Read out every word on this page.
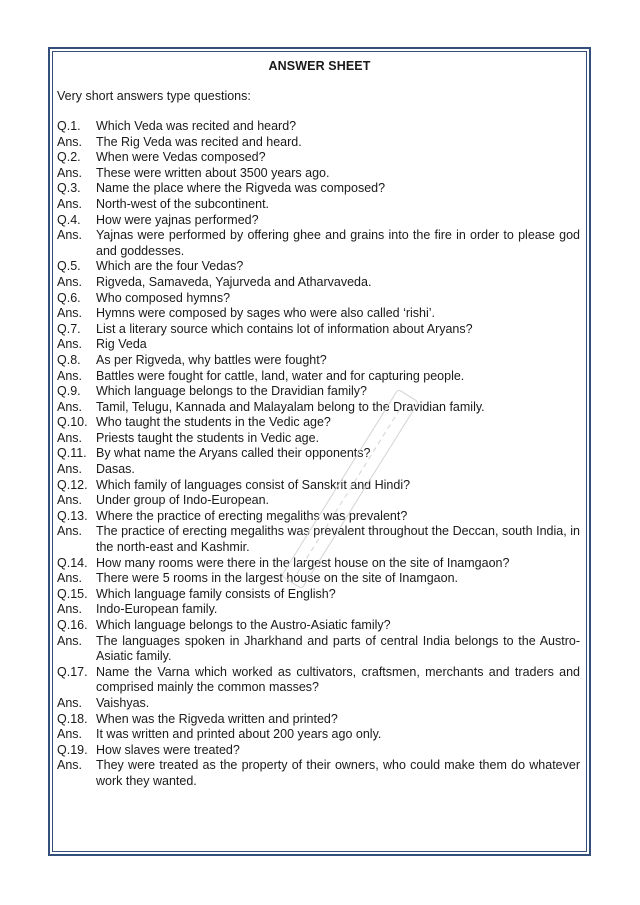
ANSWER SHEET
Very short answers type questions:
Q.1.	Which Veda was recited and heard?
Ans.	The Rig Veda was recited and heard.
Q.2.	When were Vedas composed?
Ans.	These were written about 3500 years ago.
Q.3.	Name the place where the Rigveda was composed?
Ans.	North-west of the subcontinent.
Q.4.	How were yajnas performed?
Ans.	Yajnas were performed by offering ghee and grains into the fire in order to please god and goddesses.
Q.5.	Which are the four Vedas?
Ans.	Rigveda, Samaveda, Yajurveda and Atharvaveda.
Q.6.	Who composed hymns?
Ans.	Hymns were composed by sages who were also called ‘rishi’.
Q.7.	List a literary source which contains lot of information about Aryans?
Ans.	Rig Veda
Q.8.	As per Rigveda, why battles were fought?
Ans.	Battles were fought for cattle, land, water and for capturing people.
Q.9.	Which language belongs to the Dravidian family?
Ans.	Tamil, Telugu, Kannada and Malayalam belong to the Dravidian family.
Q.10. Who taught the students in the Vedic age?
Ans.	Priests taught the students in Vedic age.
Q.11. By what name the Aryans called their opponents?
Ans.	Dasas.
Q.12. Which family of languages consist of Sanskrit and Hindi?
Ans.	Under group of Indo-European.
Q.13. Where the practice of erecting megaliths was prevalent?
Ans.	The practice of erecting megaliths was prevalent throughout the Deccan, south India, in the north-east and Kashmir.
Q.14. How many rooms were there in the largest house on the site of Inamgaon?
Ans.	There were 5 rooms in the largest house on the site of Inamgaon.
Q.15. Which language family consists of English?
Ans.	Indo-European family.
Q.16. Which language belongs to the Austro-Asiatic family?
Ans.	The languages spoken in Jharkhand and parts of central India belongs to the Austro-Asiatic family.
Q.17. Name the Varna which worked as cultivators, craftsmen, merchants and traders and comprised mainly the common masses?
Ans.	Vaishyas.
Q.18. When was the Rigveda written and printed?
Ans.	It was written and printed about 200 years ago only.
Q.19. How slaves were treated?
Ans.	They were treated as the property of their owners, who could make them do whatever work they wanted.
